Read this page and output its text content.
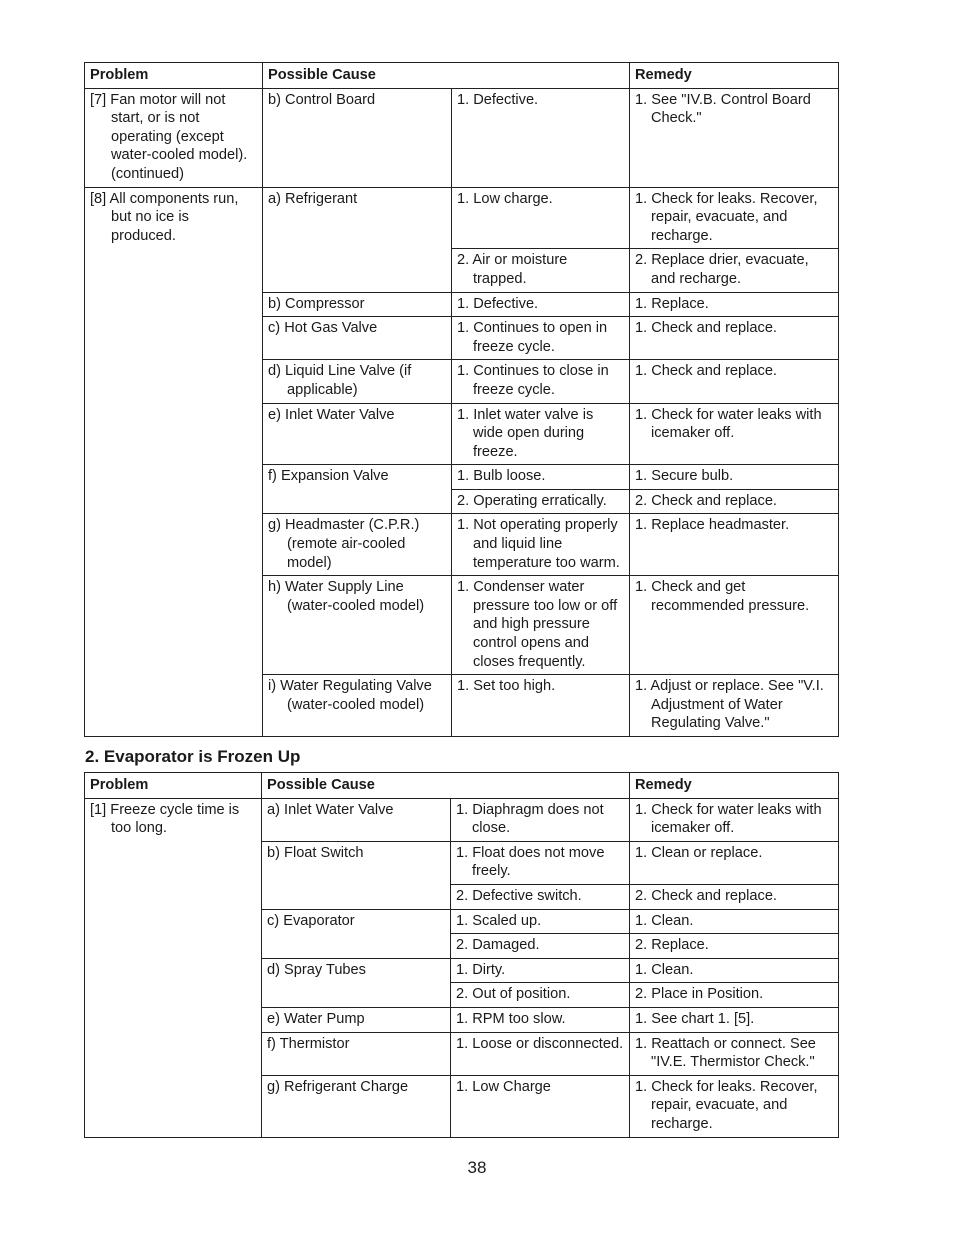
Problem	Possible Cause		Remedy

[7] Fan motor will not start, or is not operating (except water-cooled model). (continued)	b) Control Board	1. Defective.	1. See "IV.B. Control Board Check."

[8] All components run, but no ice is produced.	a) Refrigerant	1. Low charge.	1. Check for leaks. Recover, repair, evacuate, and recharge.

		2. Air or moisture trapped.	2. Replace drier, evacuate, and recharge.

	b) Compressor	1. Defective.	1. Replace.

	c) Hot Gas Valve	1. Continues to open in freeze cycle.	1. Check and replace.

	d) Liquid Line Valve (if applicable)	1. Continues to close in freeze cycle.	1. Check and replace.

	e) Inlet Water Valve	1. Inlet water valve is wide open during freeze.	1. Check for water leaks with icemaker off.

	f) Expansion Valve	1. Bulb loose.	1. Secure bulb.

		2. Operating erratically.	2. Check and replace.

	g) Headmaster (C.P.R.) (remote air-cooled model)	1. Not operating properly and liquid line temperature too warm.	1. Replace headmaster.

	h) Water Supply Line (water-cooled model)	1. Condenser water pressure too low or off and high pressure control opens and closes frequently.	1. Check and get recommended pressure.

	i) Water Regulating Valve (water-cooled model)	1. Set too high.	1. Adjust or replace. See "V.I. Adjustment of Water Regulating Valve."
2. Evaporator is Frozen Up
Problem	Possible Cause		Remedy

[1] Freeze cycle time is too long.	a) Inlet Water Valve	1. Diaphragm does not close.	1. Check for water leaks with icemaker off.

	b) Float Switch	1. Float does not move freely.	1. Clean or replace.

		2. Defective switch.	2. Check and replace.

	c) Evaporator	1. Scaled up.	1. Clean.

		2. Damaged.	2. Replace.

	d) Spray Tubes	1. Dirty.	1. Clean.

		2. Out of position.	2. Place in Position.

	e) Water Pump	1. RPM too slow.	1. See chart 1. [5].

	f) Thermistor	1. Loose or disconnected.	1. Reattach or connect. See "IV.E. Thermistor Check."

	g) Refrigerant Charge	1. Low Charge	1. Check for leaks. Recover, repair, evacuate, and recharge.
38
